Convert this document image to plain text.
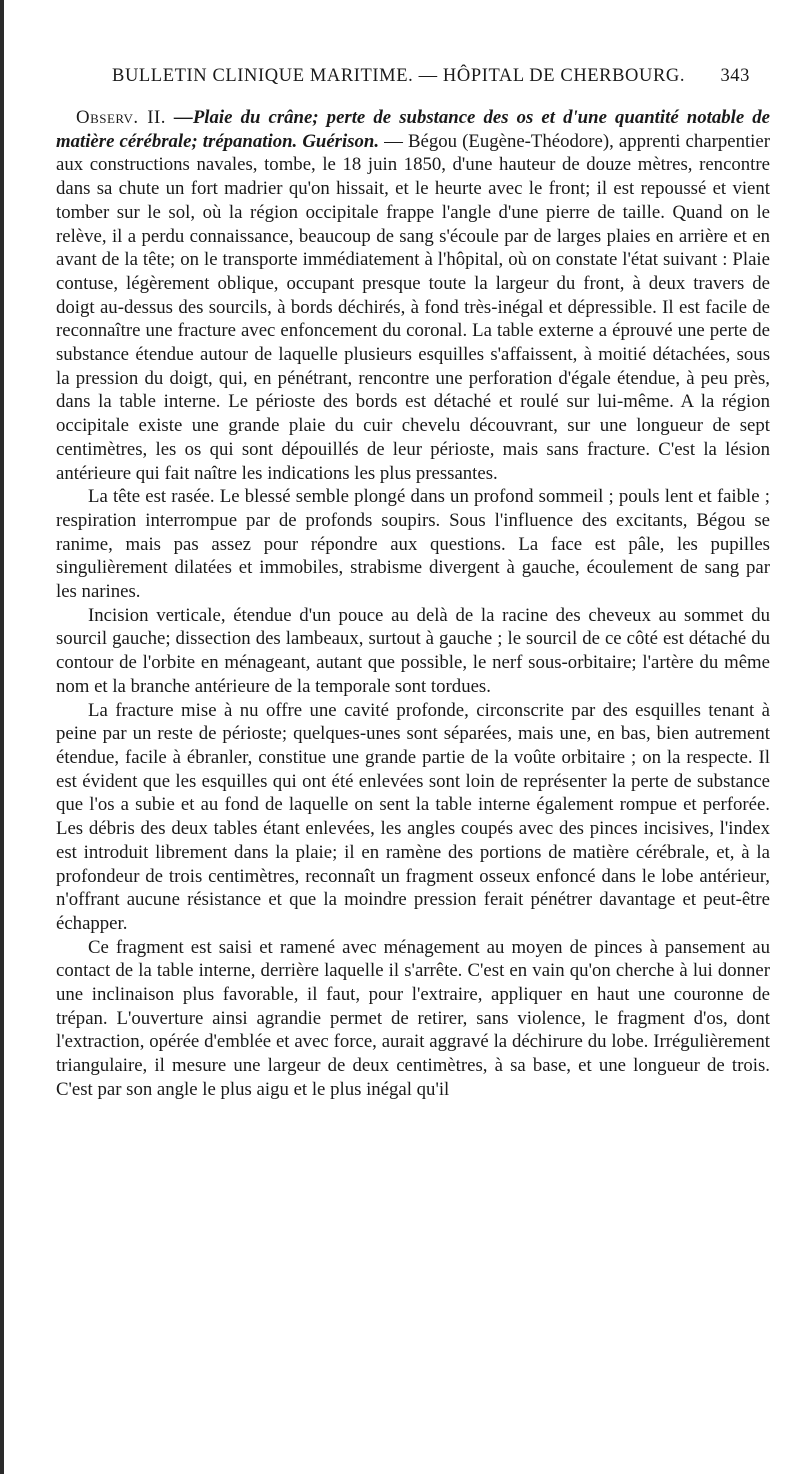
BULLETIN CLINIQUE MARITIME. — HÔPITAL DE CHERBOURG. 343

Observ. II. —Plaie du crâne; perte de substance des os et d'une quantité notable de matière cérébrale; trépanation. Guérison. — Bégou (Eugène-Théodore), apprenti charpentier aux constructions navales, tombe, le 18 juin 1850, d'une hauteur de douze mètres, rencontre dans sa chute un fort madrier qu'on hissait, et le heurte avec le front; il est repoussé et vient tomber sur le sol, où la région occipitale frappe l'angle d'une pierre de taille. Quand on le relève, il a perdu connaissance, beaucoup de sang s'écoule par de larges plaies en arrière et en avant de la tête; on le transporte immédiatement à l'hôpital, où on constate l'état suivant : Plaie contuse, légèrement oblique, occupant presque toute la largeur du front, à deux travers de doigt au-dessus des sourcils, à bords déchirés, à fond très-inégal et dépressible. Il est facile de reconnaître une fracture avec enfoncement du coronal. La table externe a éprouvé une perte de substance étendue autour de laquelle plusieurs esquilles s'affaissent, à moitié détachées, sous la pression du doigt, qui, en pénétrant, rencontre une perforation d'égale étendue, à peu près, dans la table interne. Le périoste des bords est détaché et roulé sur lui-même. A la région occipitale existe une grande plaie du cuir chevelu découvrant, sur une longueur de sept centimètres, les os qui sont dépouillés de leur périoste, mais sans fracture. C'est la lésion antérieure qui fait naître les indications les plus pressantes.

La tête est rasée. Le blessé semble plongé dans un profond sommeil ; pouls lent et faible ; respiration interrompue par de profonds soupirs. Sous l'influence des excitants, Bégou se ranime, mais pas assez pour répondre aux questions. La face est pâle, les pupilles singulièrement dilatées et immobiles, strabisme divergent à gauche, écoulement de sang par les narines.

Incision verticale, étendue d'un pouce au delà de la racine des cheveux au sommet du sourcil gauche; dissection des lambeaux, surtout à gauche ; le sourcil de ce côté est détaché du contour de l'orbite en ménageant, autant que possible, le nerf sous-orbitaire; l'artère du même nom et la branche antérieure de la temporale sont tordues.

La fracture mise à nu offre une cavité profonde, circonscrite par des esquilles tenant à peine par un reste de périoste; quelques-unes sont séparées, mais une, en bas, bien autrement étendue, facile à ébranler, constitue une grande partie de la voûte orbitaire ; on la respecte. Il est évident que les esquilles qui ont été enlevées sont loin de représenter la perte de substance que l'os a subie et au fond de laquelle on sent la table interne également rompue et perforée. Les débris des deux tables étant enlevées, les angles coupés avec des pinces incisives, l'index est introduit librement dans la plaie; il en ramène des portions de matière cérébrale, et, à la profondeur de trois centimètres, reconnaît un fragment osseux enfoncé dans le lobe antérieur, n'offrant aucune résistance et que la moindre pression ferait pénétrer davantage et peut-être échapper.

Ce fragment est saisi et ramené avec ménagement au moyen de pinces à pansement au contact de la table interne, derrière laquelle il s'arrête. C'est en vain qu'on cherche à lui donner une inclinaison plus favorable, il faut, pour l'extraire, appliquer en haut une couronne de trépan. L'ouverture ainsi agrandie permet de retirer, sans violence, le fragment d'os, dont l'extraction, opérée d'emblée et avec force, aurait aggravé la déchirure du lobe. Irrégulièrement triangulaire, il mesure une largeur de deux centimètres, à sa base, et une longueur de trois. C'est par son angle le plus aigu et le plus inégal qu'il
